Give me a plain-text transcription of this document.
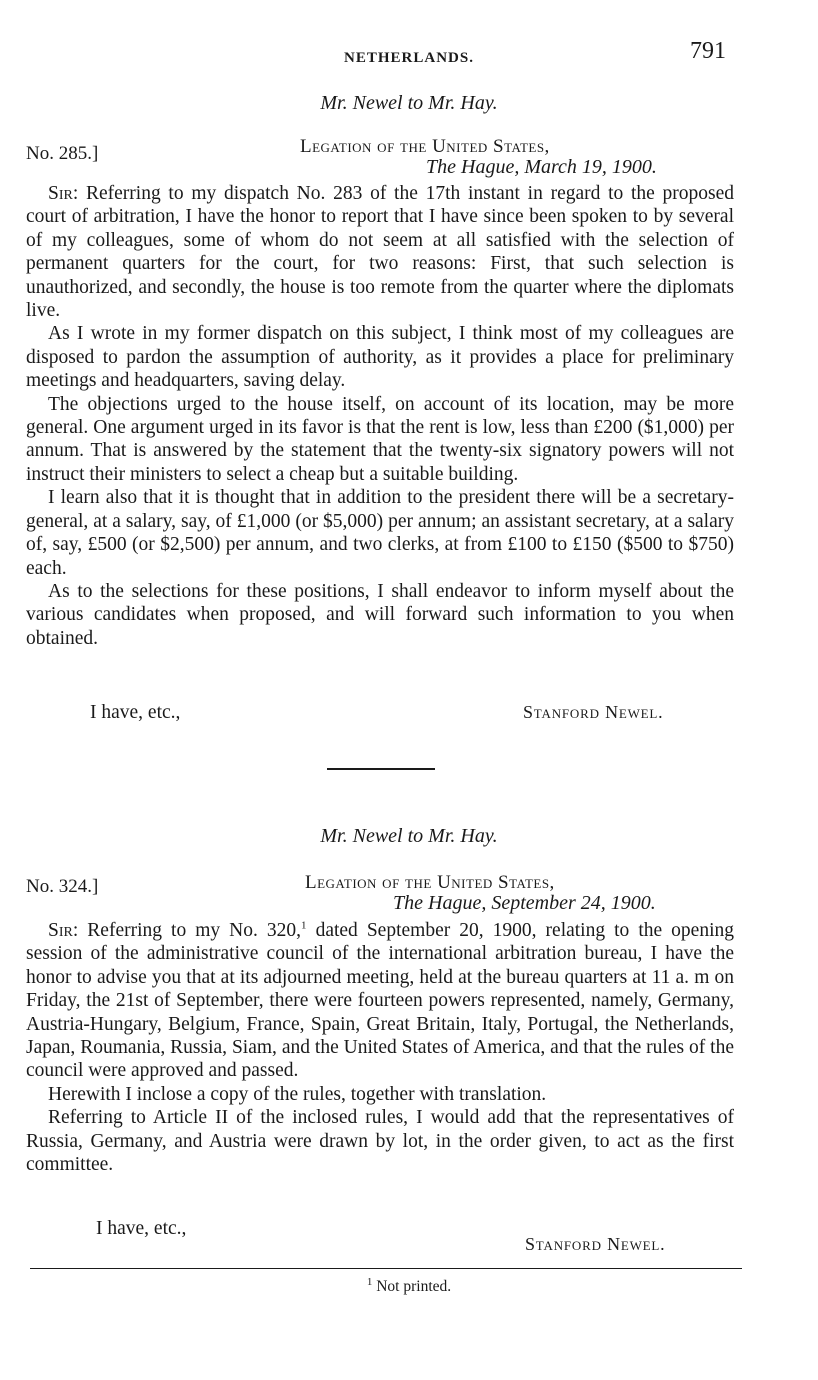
NETHERLANDS.	791
Mr. Newel to Mr. Hay.
No. 285.]	Legation of the United States,
The Hague, March 19, 1900.

Sir: Referring to my dispatch No. 283 of the 17th instant in regard to the proposed court of arbitration, I have the honor to report that I have since been spoken to by several of my colleagues, some of whom do not seem at all satisfied with the selection of permanent quarters for the court, for two reasons: First, that such selection is unauthorized, and secondly, the house is too remote from the quarter where the diplomats live.

As I wrote in my former dispatch on this subject, I think most of my colleagues are disposed to pardon the assumption of authority, as it provides a place for preliminary meetings and headquarters, saving delay.

The objections urged to the house itself, on account of its location, may be more general. One argument urged in its favor is that the rent is low, less than £200 ($1,000) per annum. That is answered by the statement that the twenty-six signatory powers will not instruct their ministers to select a cheap but a suitable building.

I learn also that it is thought that in addition to the president there will be a secretary-general, at a salary, say, of £1,000 (or $5,000) per annum; an assistant secretary, at a salary of, say, £500 (or $2,500) per annum, and two clerks, at from £100 to £150 ($500 to $750) each.

As to the selections for these positions, I shall endeavor to inform myself about the various candidates when proposed, and will forward such information to you when obtained.

I have, etc.,	Stanford Newel.
Mr. Newel to Mr. Hay.
No. 324.]	Legation of the United States,
The Hague, September 24, 1900.

Sir: Referring to my No. 320,$^1$ dated September 20, 1900, relating to the opening session of the administrative council of the international arbitration bureau, I have the honor to advise you that at its adjourned meeting, held at the bureau quarters at 11 a. m on Friday, the 21st of September, there were fourteen powers represented, namely, Germany, Austria-Hungary, Belgium, France, Spain, Great Britain, Italy, Portugal, the Netherlands, Japan, Roumania, Russia, Siam, and the United States of America, and that the rules of the council were approved and passed.

Herewith I inclose a copy of the rules, together with translation.

Referring to Article II of the inclosed rules, I would add that the representatives of Russia, Germany, and Austria were drawn by lot, in the order given, to act as the first committee.

I have, etc.,
Stanford Newel.
$^1$ Not printed.
